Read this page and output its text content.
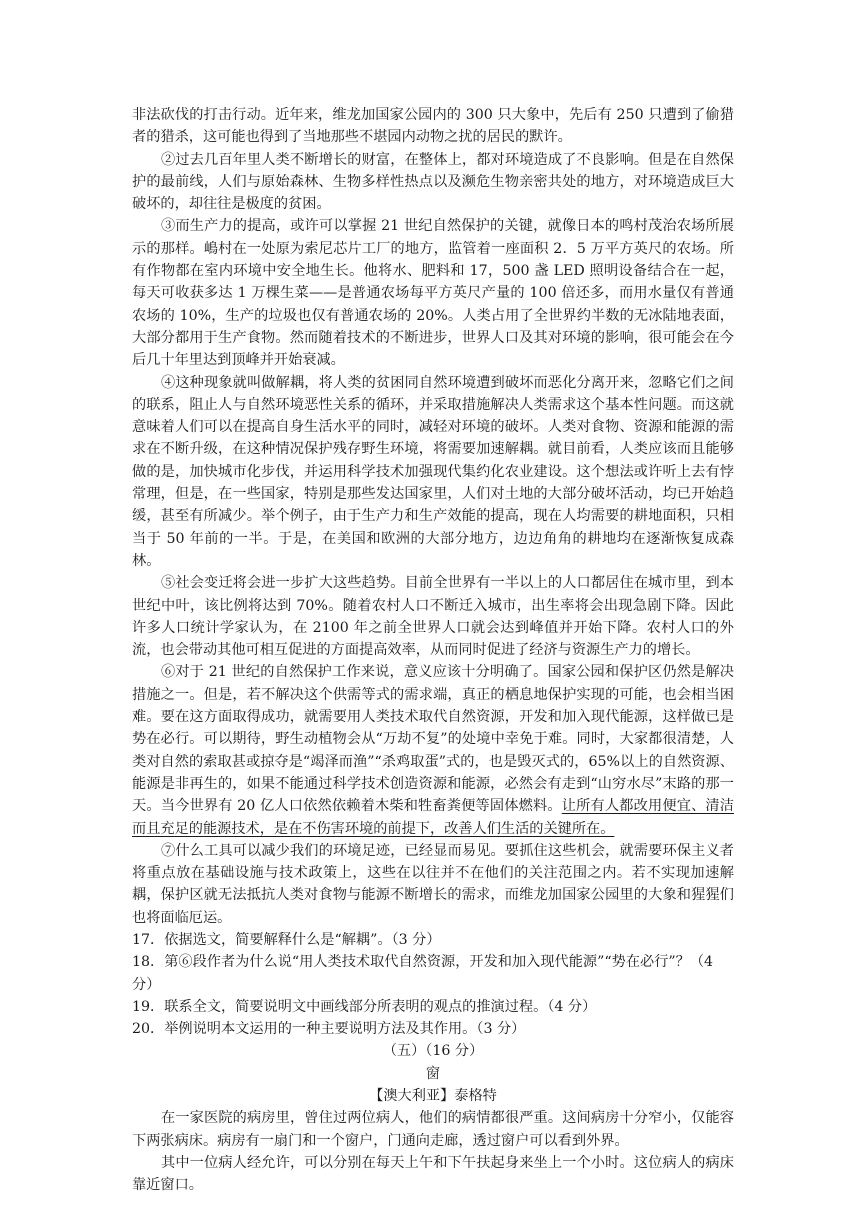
非法砍伐的打击行动。近年来，维龙加国家公园内的 300 只大象中，先后有 250 只遭到了偷猎者的猎杀，这可能也得到了当地那些不堪园内动物之扰的居民的默许。

②过去几百年里人类不断增长的财富，在整体上，都对环境造成了不良影响。但是在自然保护的最前线，人们与原始森林、生物多样性热点以及濒危生物亲密共处的地方，对环境造成巨大破坏的，却往往是极度的贫困。

③而生产力的提高，或许可以掌握 21 世纪自然保护的关键，就像日本的鸣村茂治农场所展示的那样。嶋村在一处原为索尼芯片工厂的地方，监管着一座面积 2．5 万平方英尺的农场。所有作物都在室内环境中安全地生长。他将水、肥料和 17，500 盏 LED 照明设备结合在一起，每天可收获多达 1 万棵生菜——是普通农场每平方英尺产量的 100 倍还多，而用水量仅有普通农场的 10%，生产的垃圾也仅有普通农场的 20%。人类占用了全世界约半数的无冰陆地表面，大部分都用于生产食物。然而随着技术的不断进步，世界人口及其对环境的影响，很可能会在今后几十年里达到顶峰并开始衰减。

④这种现象就叫做解耦，将人类的贫困同自然环境遭到破坏而恶化分离开来，忽略它们之间的联系，阻止人与自然环境恶性关系的循环，并采取措施解决人类需求这个基本性问题。而这就意味着人们可以在提高自身生活水平的同时，减轻对环境的破坏。人类对食物、资源和能源的需求在不断升级，在这种情况保护残存野生环境，将需要加速解耦。就目前看，人类应该而且能够做的是，加快城市化步伐，并运用科学技术加强现代集约化农业建设。这个想法或许听上去有悖常理，但是，在一些国家，特别是那些发达国家里，人们对土地的大部分破坏活动，均已开始趋缓，甚至有所减少。举个例子，由于生产力和生产效能的提高，现在人均需要的耕地面积，只相当于 50 年前的一半。于是，在美国和欧洲的大部分地方，边边角角的耕地均在逐渐恢复成森林。

⑤社会变迁将会进一步扩大这些趋势。目前全世界有一半以上的人口都居住在城市里，到本世纪中叶，该比例将达到 70%。随着农村人口不断迁入城市，出生率将会出现急剧下降。因此许多人口统计学家认为，在 2100 年之前全世界人口就会达到峰值并开始下降。农村人口的外流，也会带动其他可相互促进的方面提高效率，从而同时促进了经济与资源生产力的增长。

⑥对于 21 世纪的自然保护工作来说，意义应该十分明确了。国家公园和保护区仍然是解决措施之一。但是，若不解决这个供需等式的需求端，真正的栖息地保护实现的可能，也会相当困难。要在这方面取得成功，就需要用人类技术取代自然资源，开发和加入现代能源，这样做已是势在必行。可以期待，野生动植物会从“万劫不复”的处境中幸免于难。同时，大家都很清楚，人类对自然的索取甚或掠夺是“竭泽而渔”“杀鸡取蛋”式的，也是毁灭式的，65%以上的自然资源、能源是非再生的，如果不能通过科学技术创造资源和能源，必然会有走到“山穷水尽”末路的那一天。当今世界有 20 亿人口依然依赖着木柴和牲畜粪便等固体燃料。让所有人都改用便宜、清洁而且充足的能源技术，是在不伤害环境的前提下，改善人们生活的关键所在。

⑦什么工具可以减少我们的环境足迹，已经显而易见。要抓住这些机会，就需要环保主义者将重点放在基础设施与技术政策上，这些在以往并不在他们的关注范围之内。若不实现加速解耦，保护区就无法抵抗人类对食物与能源不断增长的需求，而维龙加国家公园里的大象和猩猩们也将面临厄运。

17．依据选文，简要解释什么是“解耦”。（3 分）

18．第⑥段作者为什么说“用人类技术取代自然资源，开发和加入现代能源”“势在必行”？（4 分）

19．联系全文，简要说明文中画线部分所表明的观点的推演过程。（4 分）

20．举例说明本文运用的一种主要说明方法及其作用。（3 分）

（五）（16 分）

窗

【澳大利亚】泰格特

在一家医院的病房里，曾住过两位病人，他们的病情都很严重。这间病房十分窄小，仅能容下两张病床。病房有一扇门和一个窗户，门通向走廊，透过窗户可以看到外界。

其中一位病人经允许，可以分别在每天上午和下午扶起身来坐上一个小时。这位病人的病床靠近窗口。
